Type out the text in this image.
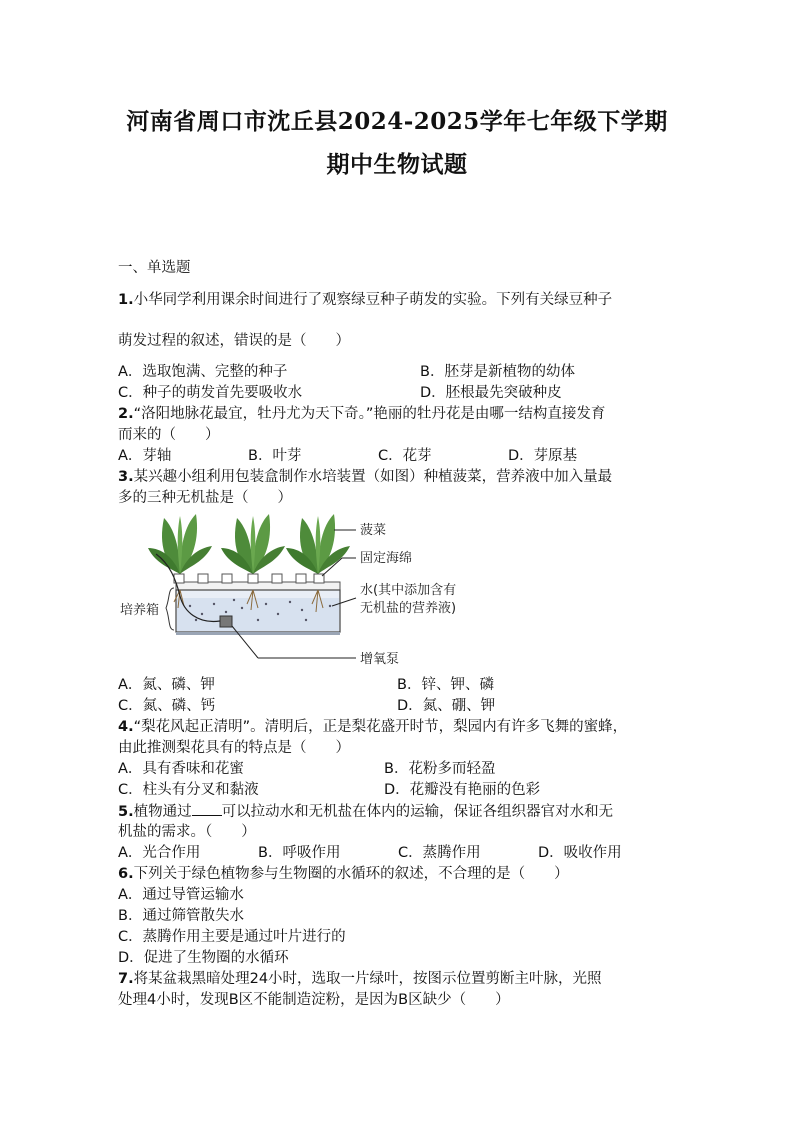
河南省周口市沈丘县2024-2025学年七年级下学期
期中生物试题
一、单选题
1.小华同学利用课余时间进行了观察绿豆种子萌发的实验。下列有关绿豆种子
萌发过程的叙述，错误的是（　　）
A．选取饱满、完整的种子	B．胚芽是新植物的幼体
C．种子的萌发首先要吸收水	D．胚根最先突破种皮
2.“洛阳地脉花最宜，牡丹尤为天下奇。”艳丽的牡丹花是由哪一结构直接发育
而来的（　　）
A．芽轴	B．叶芽	C．花芽	D．芽原基
3.某兴趣小组利用包装盒制作水培装置（如图）种植菠菜，营养液中加入量最
多的三种无机盐是（　　）
菠菜
固定海绵
水(其中添加含有
无机盐的营养液)
培养箱
增氧泵
A．氮、磷、钾	B．锌、钾、磷
C．氮、磷、钙	D．氮、硼、钾
4.“梨花风起正清明”。清明后，正是梨花盛开时节，梨园内有许多飞舞的蜜蜂，
由此推测梨花具有的特点是（　　）
A．具有香味和花蜜	B．花粉多而轻盈
C．柱头有分叉和黏液	D．花瓣没有艳丽的色彩
5.植物通过 可以拉动水和无机盐在体内的运输，保证各组织器官对水和无
机盐的需求。（　　）
A．光合作用	B．呼吸作用	C．蒸腾作用	D．吸收作用
6.下列关于绿色植物参与生物圈的水循环的叙述，不合理的是（　　）
A．通过导管运输水
B．通过筛管散失水
C．蒸腾作用主要是通过叶片进行的
D．促进了生物圈的水循环
7.将某盆栽黑暗处理24小时，选取一片绿叶，按图示位置剪断主叶脉，光照
处理4小时，发现B区不能制造淀粉，是因为B区缺少（　　）
